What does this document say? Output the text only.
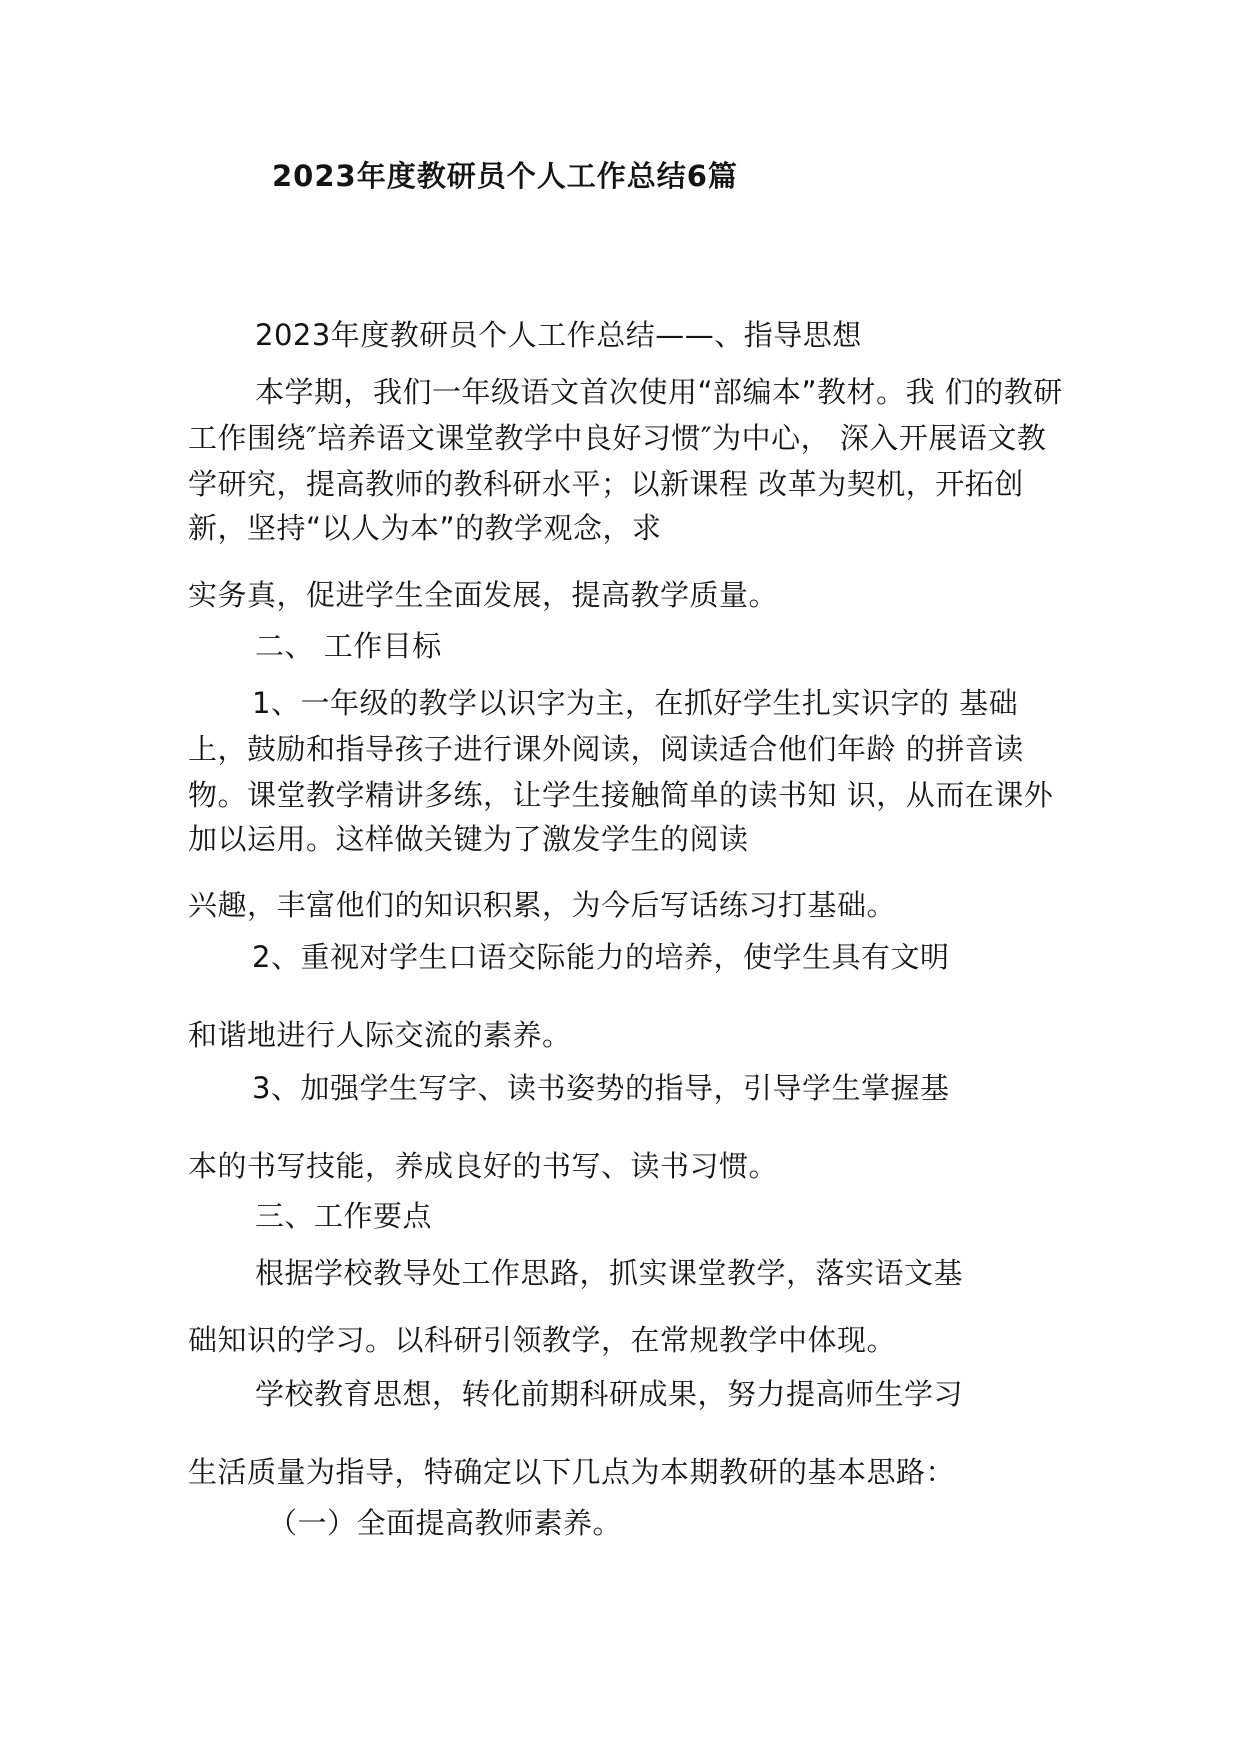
2023年度教研员个人工作总结6篇

2023年度教研员个人工作总结——、指导思想

本学期，我们一年级语文首次使用“部编本”教材。我 们的教研

工作围绕″培养语文课堂教学中良好习惯″为中心， 深入开展语文教

学研究，提高教师的教科研水平；以新课程 改革为契机，开拓创

新，坚持“以人为本”的教学观念，求

实务真，促进学生全面发展，提高教学质量。

二、 工作目标

1、一年级的教学以识字为主，在抓好学生扎实识字的 基础

上，鼓励和指导孩子进行课外阅读，阅读适合他们年龄 的拼音读

物。课堂教学精讲多练，让学生接触简单的读书知 识，从而在课外

加以运用。这样做关键为了激发学生的阅读

兴趣，丰富他们的知识积累，为今后写话练习打基础。

2、重视对学生口语交际能力的培养，使学生具有文明

和谐地进行人际交流的素养。

3、加强学生写字、读书姿势的指导，引导学生掌握基

本的书写技能，养成良好的书写、读书习惯。

三、工作要点

根据学校教导处工作思路，抓实课堂教学，落实语文基

础知识的学习。以科研引领教学，在常规教学中体现。

学校教育思想，转化前期科研成果，努力提高师生学习

生活质量为指导，特确定以下几点为本期教研的基本思路：

（一）全面提高教师素养。
